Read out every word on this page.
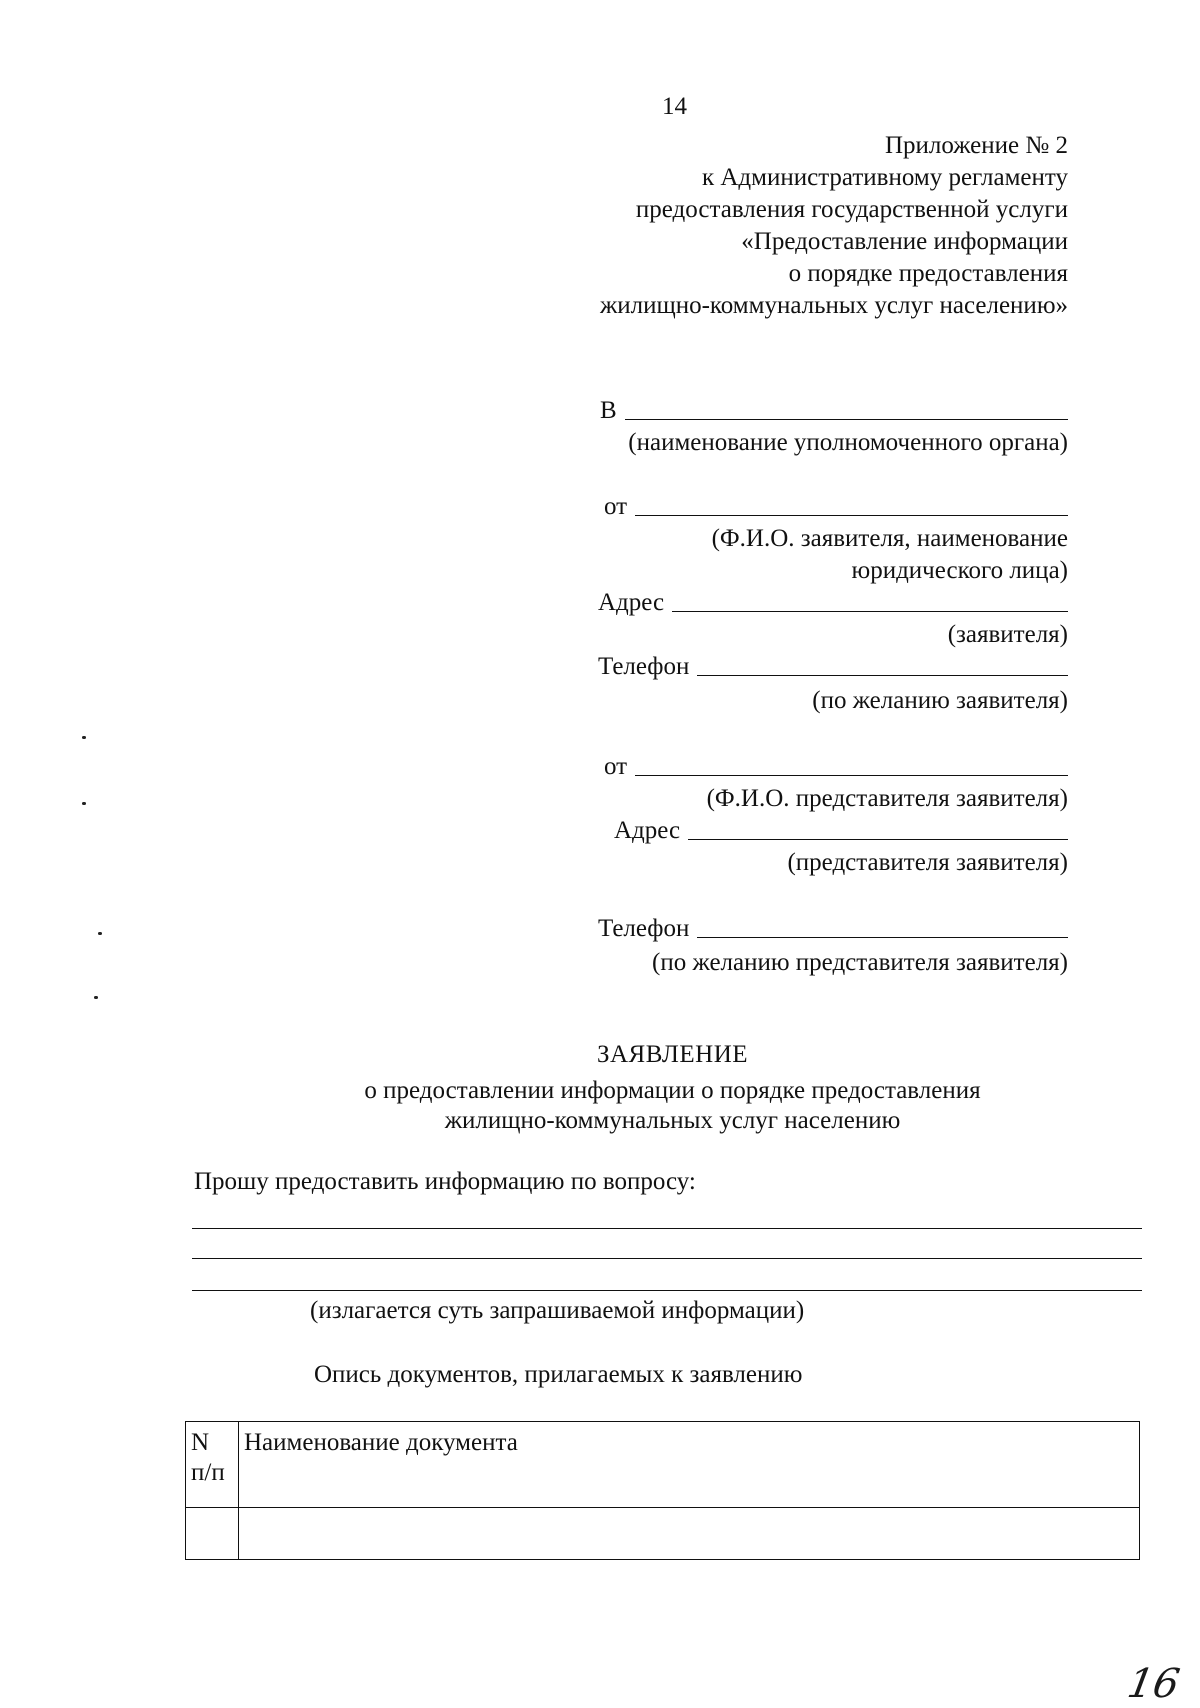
14
Приложение № 2
к Административному регламенту
предоставления государственной услуги
«Предоставление информации
о порядке предоставления
жилищно-коммунальных услуг населению»
В
(наименование уполномоченного органа)
от
(Ф.И.О. заявителя, наименование
юридического лица)
Адрес
(заявителя)
Телефон
(по желанию заявителя)
от
(Ф.И.О. представителя заявителя)
Адрес
(представителя заявителя)
Телефон
(по желанию представителя заявителя)
ЗАЯВЛЕНИЕ
о предоставлении информации о порядке предоставления
жилищно-коммунальных услуг населению
Прошу предоставить информацию по вопросу:
(излагается суть запрашиваемой информации)
Опись документов, прилагаемых к заявлению
N
п/п	Наименование документа

16
